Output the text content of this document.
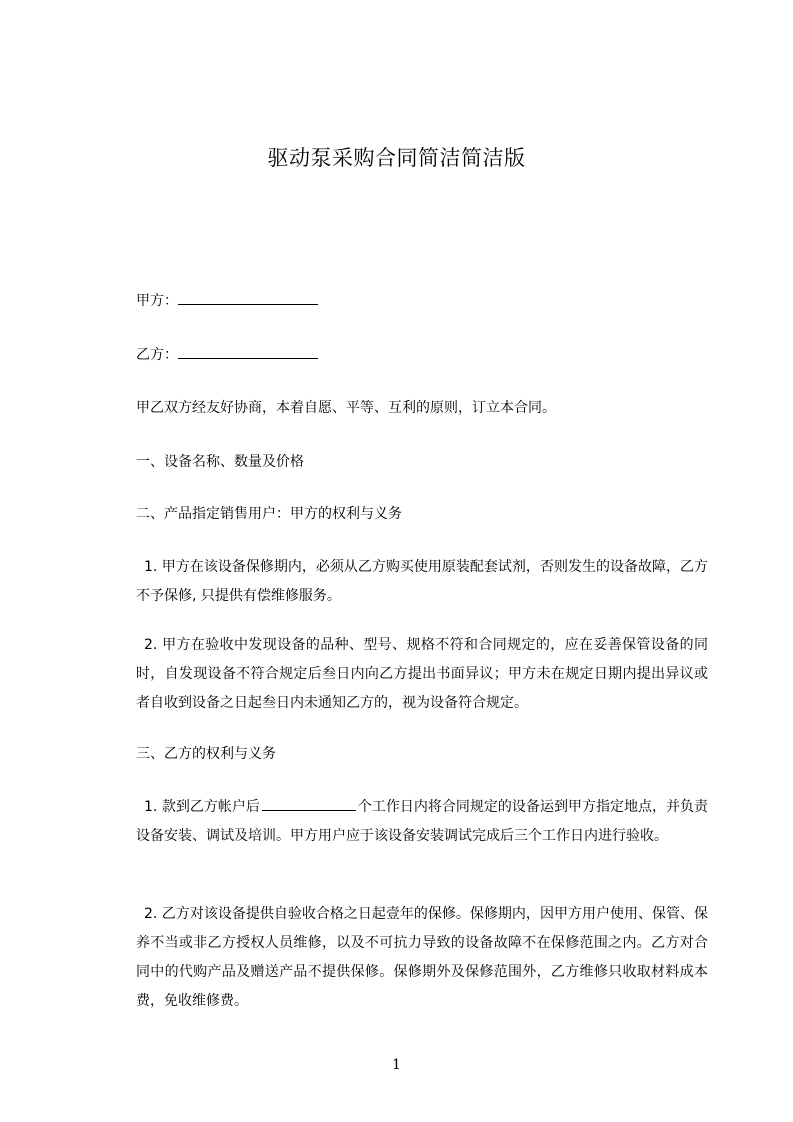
驱动泵采购合同简洁简洁版
甲方：
乙方：
甲乙双方经友好协商，本着自愿、平等、互利的原则，订立本合同。
一、设备名称、数量及价格
二、产品指定销售用户：甲方的权利与义务
1. 甲方在该设备保修期内，必须从乙方购买使用原装配套试剂，否则发生的设备故障，乙方不予保修, 只提供有偿维修服务。
2. 甲方在验收中发现设备的品种、型号、规格不符和合同规定的，应在妥善保管设备的同时，自发现设备不符合规定后叁日内向乙方提出书面异议；甲方未在规定日期内提出异议或者自收到设备之日起叁日内未通知乙方的，视为设备符合规定。
三、乙方的权利与义务
1. 款到乙方帐户后	个工作日内将合同规定的设备运到甲方指定地点，并负责设备安装、调试及培训。甲方用户应于该设备安装调试完成后三个工作日内进行验收。
2. 乙方对该设备提供自验收合格之日起壹年的保修。保修期内，因甲方用户使用、保管、保养不当或非乙方授权人员维修，以及不可抗力导致的设备故障不在保修范围之内。乙方对合同中的代购产品及赠送产品不提供保修。保修期外及保修范围外，乙方维修只收取材料成本费，免收维修费。
1
